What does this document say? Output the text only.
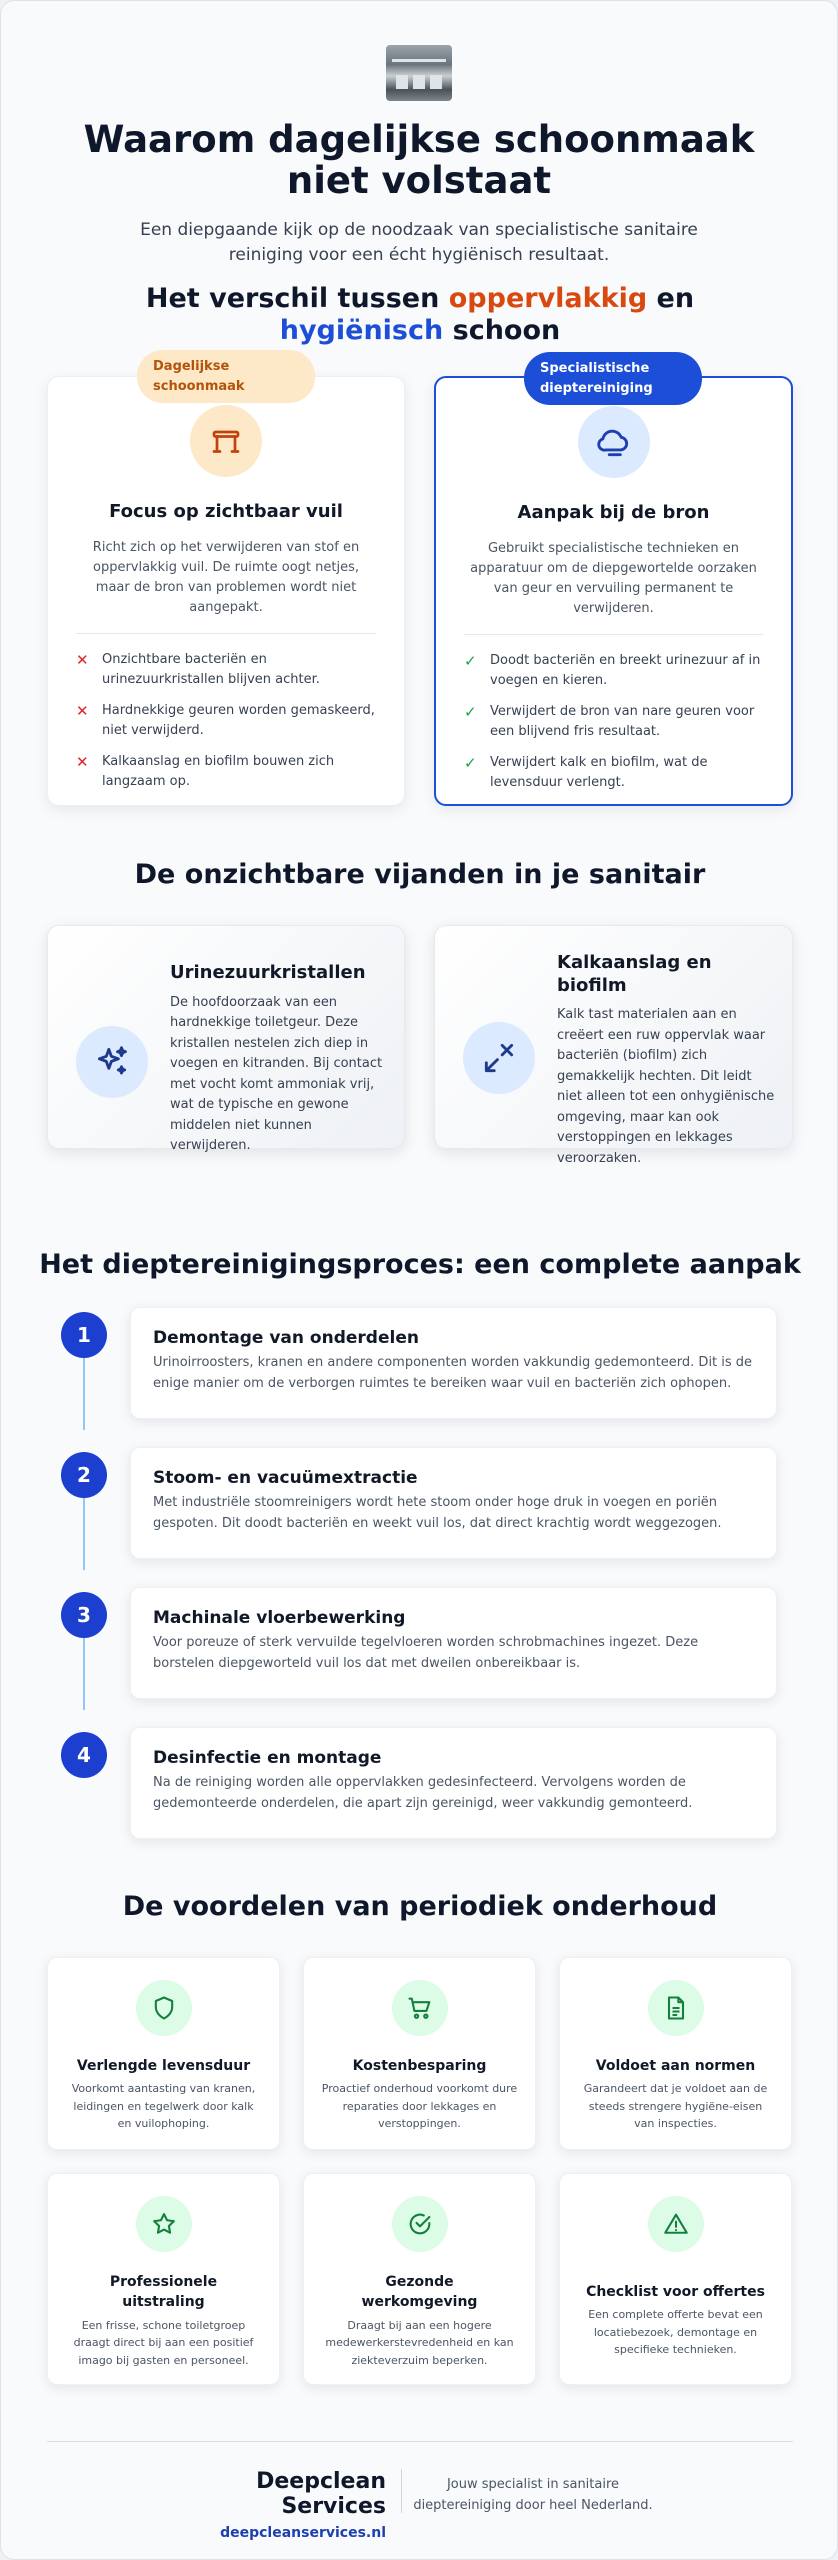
Waarom dagelijkse schoonmaak niet volstaat

Een diepgaande kijk op de noodzaak van specialistische sanitaire reiniging voor een écht hygiënisch resultaat.

Het verschil tussen oppervlakkig en hygiënisch schoon
Focus op zichtbaar vuil

Richt zich op het verwijderen van stof en oppervlakkig vuil. De ruimte oogt netjes, maar de bron van problemen wordt niet aangepakt.

✕	Onzichtbare bacteriën en urinezuurkristallen blijven achter.
✕	Hardnekkige geuren worden gemaskeerd, niet verwijderd.
✕	Kalkaanslag en biofilm bouwen zich langzaam op.
Dagelijkse schoonmaak
Aanpak bij de bron

Gebruikt specialistische technieken en apparatuur om de diepgewortelde oorzaken van geur en vervuiling permanent te verwijderen.

✓	Doodt bacteriën en breekt urinezuur af in voegen en kieren.
✓	Verwijdert de bron van nare geuren voor een blijvend fris resultaat.
✓	Verwijdert kalk en biofilm, wat de levensduur verlengt.
Specialistische dieptereiniging
De onzichtbare vijanden in je sanitair
Urinezuurkristallen

De hoofdoorzaak van een hardnekkige toiletgeur. Deze kristallen nestelen zich diep in voegen en kitranden. Bij contact met vocht komt ammoniak vrij, wat de typische en gewone middelen niet kunnen verwijderen.

Kalkaanslag en biofilm

Kalk tast materialen aan en creëert een ruw oppervlak waar bacteriën (biofilm) zich gemakkelijk hechten. Dit leidt niet alleen tot een onhygiënische omgeving, maar kan ook verstoppingen en lekkages veroorzaken.

Het dieptereinigingsproces: een complete aanpak
1	Demontage van onderdelen

Urinoirroosters, kranen en andere componenten worden vakkundig gedemonteerd. Dit is de enige manier om de verborgen ruimtes te bereiken waar vuil en bacteriën zich ophopen.

2	Stoom- en vacuümextractie

Met industriële stoomreinigers wordt hete stoom onder hoge druk in voegen en poriën gespoten. Dit doodt bacteriën en weekt vuil los, dat direct krachtig wordt weggezogen.

3	Machinale vloerbewerking

Voor poreuze of sterk vervuilde tegelvloeren worden schrobmachines ingezet. Deze borstelen diepgeworteld vuil los dat met dweilen onbereikbaar is.

4	Desinfectie en montage

Na de reiniging worden alle oppervlakken gedesinfecteerd. Vervolgens worden de gedemonteerde onderdelen, die apart zijn gereinigd, weer vakkundig gemonteerd.

De voordelen van periodiek onderhoud
Verlengde levensduur

Voorkomt aantasting van kranen, leidingen en tegelwerk door kalk en vuilophoping.

Kostenbesparing

Proactief onderhoud voorkomt dure reparaties door lekkages en verstoppingen.

Voldoet aan normen

Garandeert dat je voldoet aan de steeds strengere hygiëne-eisen van inspecties.

Professionele uitstraling

Een frisse, schone toiletgroep draagt direct bij aan een positief imago bij gasten en personeel.

Gezonde werkomgeving

Draagt bij aan een hogere medewerkerstevredenheid en kan ziekteverzuim beperken.

Checklist voor offertes

Een complete offerte bevat een locatiebezoek, demontage en specifieke technieken.

Deepclean Services
deepcleanservices.nl
Jouw specialist in sanitaire dieptereiniging door heel Nederland.
